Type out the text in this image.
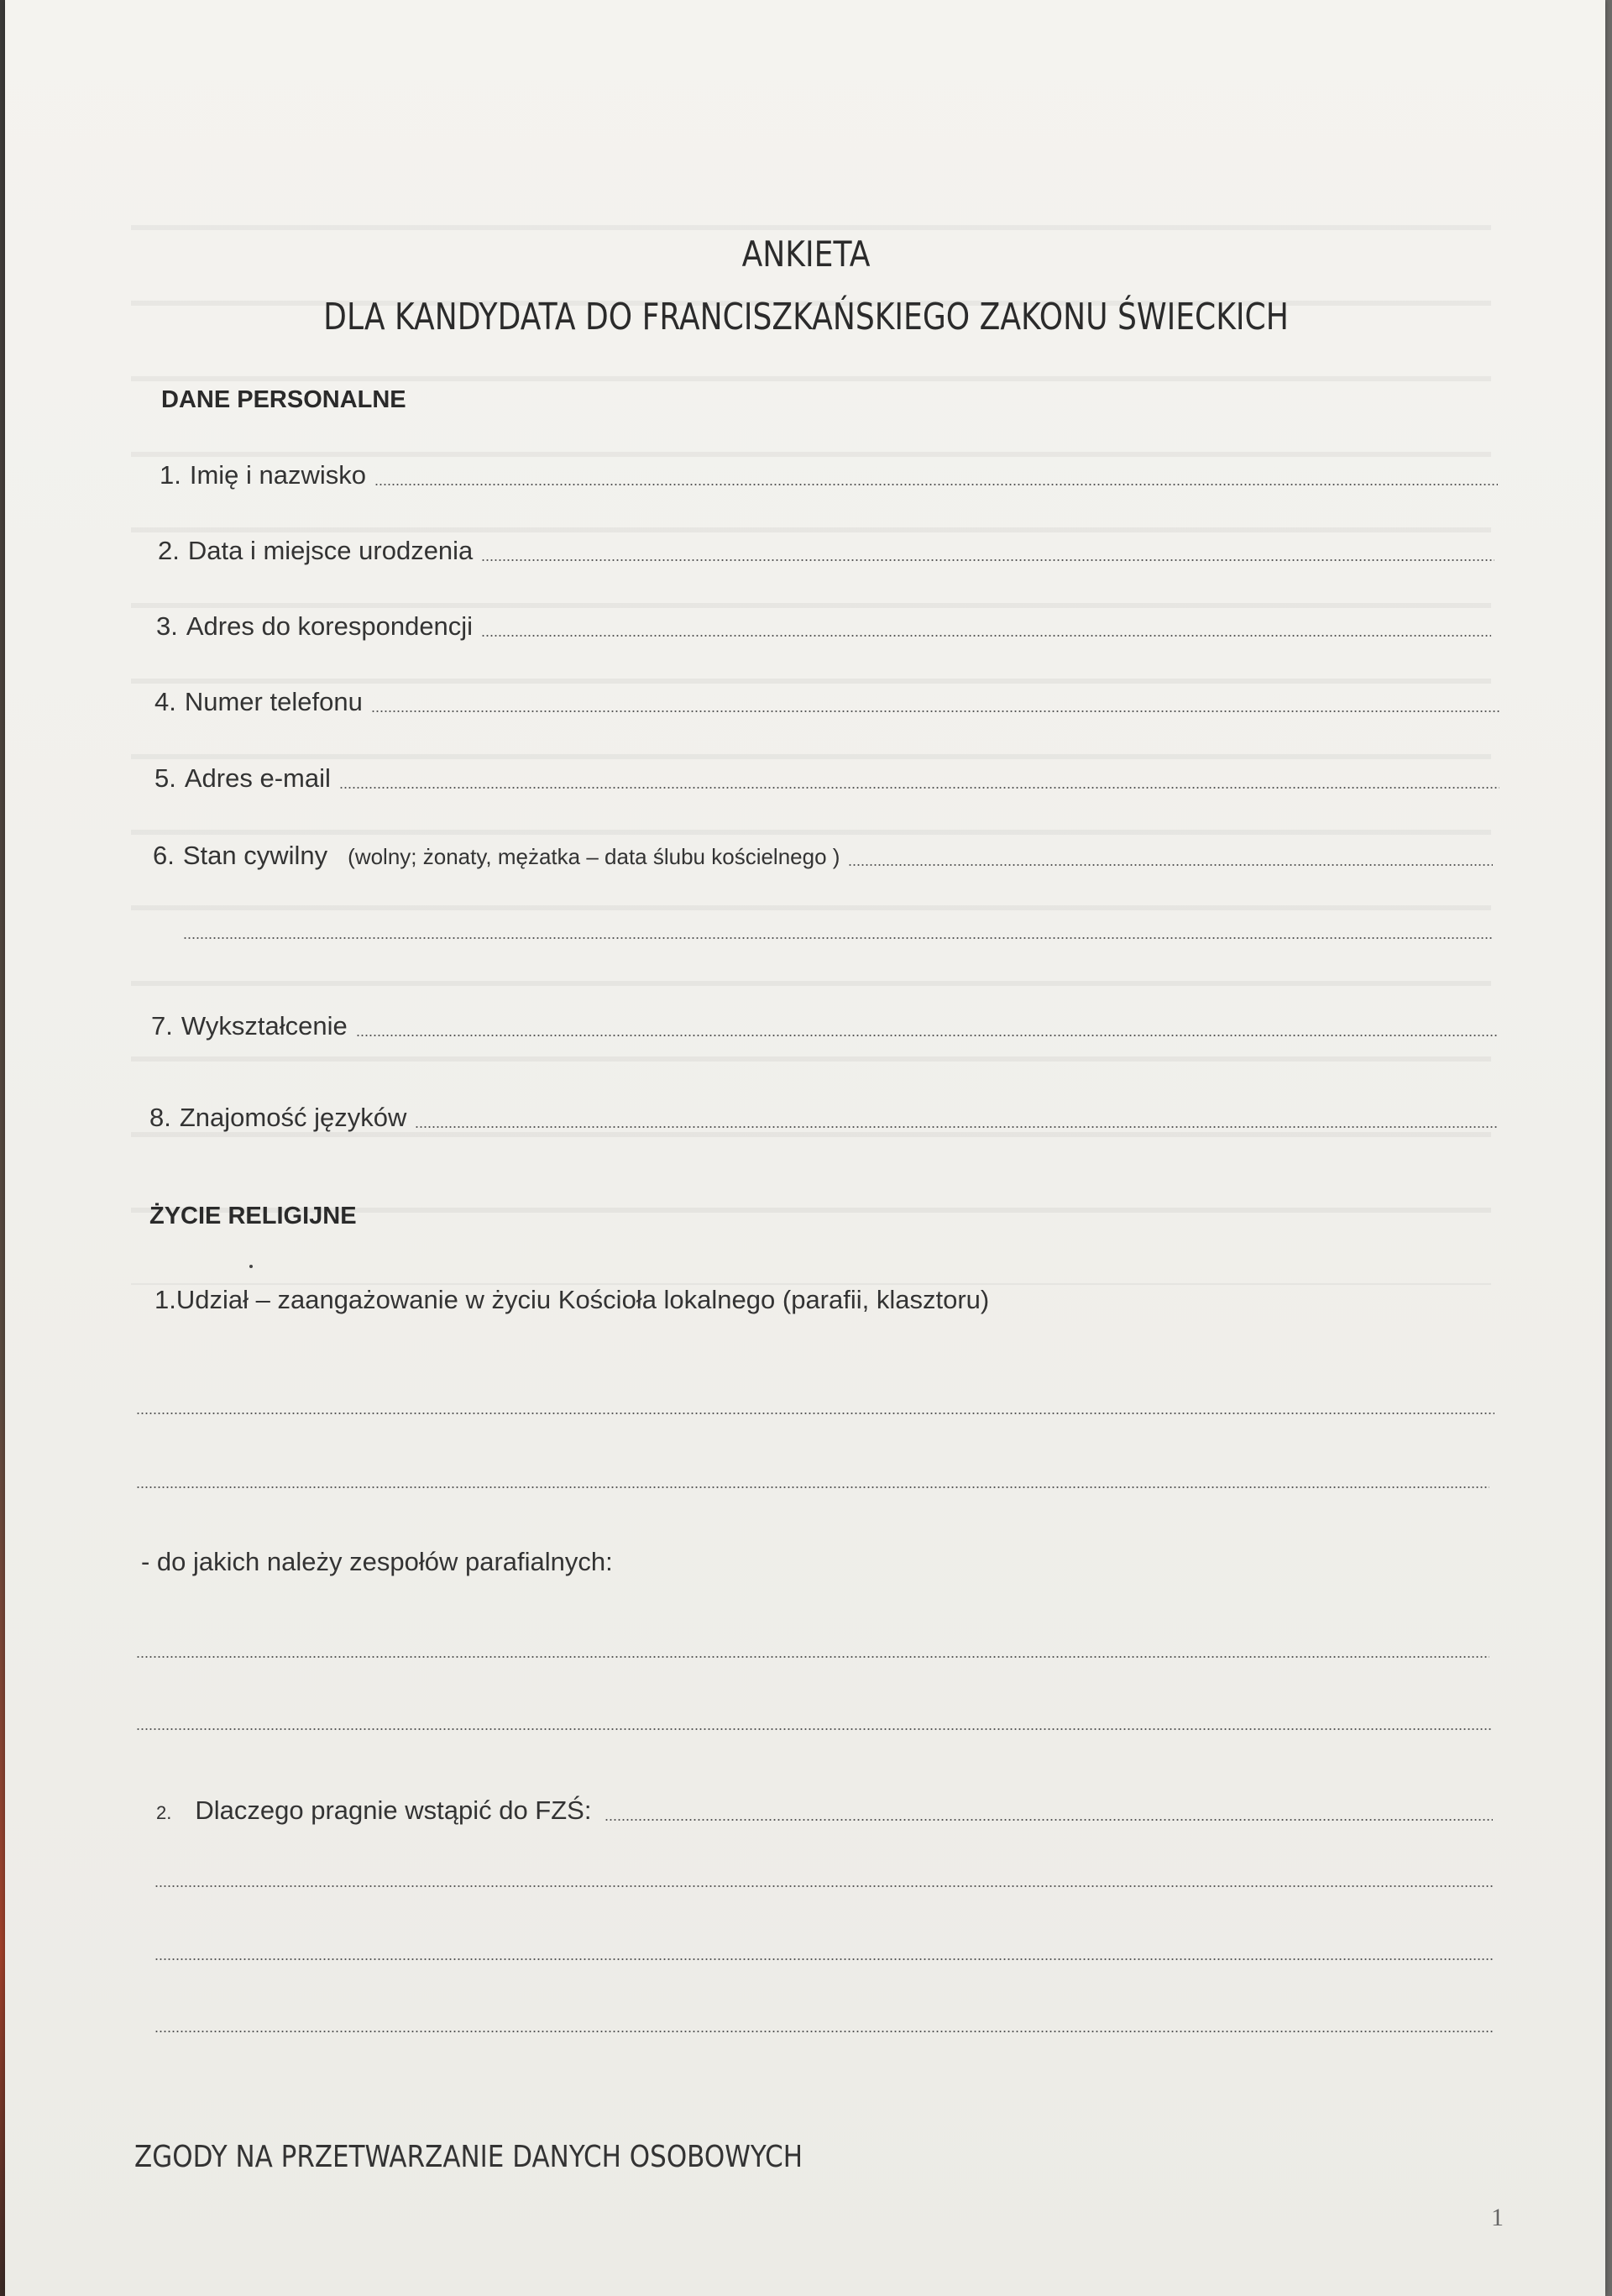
ANKIETA
DLA KANDYDATA DO FRANCISZKAŃSKIEGO ZAKONU ŚWIECKICH
DANE PERSONALNE
1. Imię i nazwisko
2. Data i miejsce urodzenia
3. Adres do korespondencji
4. Numer telefonu
5. Adres e-mail
6. Stan cywilny (wolny; żonaty, mężatka – data ślubu kościelnego )
7. Wykształcenie
8. Znajomość języków
ŻYCIE RELIGIJNE
1. Udział – zaangażowanie w życiu Kościoła lokalnego (parafii, klasztoru)
- do jakich należy zespołów parafialnych:
2. Dlaczego pragnie wstąpić do FZŚ:
ZGODY NA PRZETWARZANIE DANYCH OSOBOWYCH
1
